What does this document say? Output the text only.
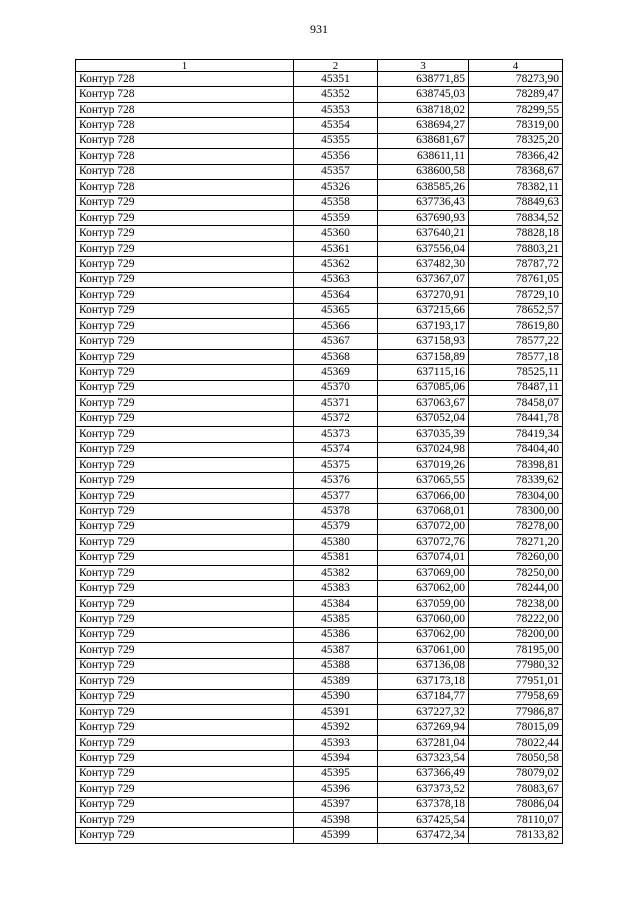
931
1	2	3	4
Контур 728	45351	638771,85	78273,90
Контур 728	45352	638745,03	78289,47
Контур 728	45353	638718,02	78299,55
Контур 728	45354	638694,27	78319,00
Контур 728	45355	638681,67	78325,20
Контур 728	45356	638611,11	78366,42
Контур 728	45357	638600,58	78368,67
Контур 728	45326	638585,26	78382,11
Контур 729	45358	637736,43	78849,63
Контур 729	45359	637690,93	78834,52
Контур 729	45360	637640,21	78828,18
Контур 729	45361	637556,04	78803,21
Контур 729	45362	637482,30	78787,72
Контур 729	45363	637367,07	78761,05
Контур 729	45364	637270,91	78729,10
Контур 729	45365	637215,66	78652,57
Контур 729	45366	637193,17	78619,80
Контур 729	45367	637158,93	78577,22
Контур 729	45368	637158,89	78577,18
Контур 729	45369	637115,16	78525,11
Контур 729	45370	637085,06	78487,11
Контур 729	45371	637063,67	78458,07
Контур 729	45372	637052,04	78441,78
Контур 729	45373	637035,39	78419,34
Контур 729	45374	637024,98	78404,40
Контур 729	45375	637019,26	78398,81
Контур 729	45376	637065,55	78339,62
Контур 729	45377	637066,00	78304,00
Контур 729	45378	637068,01	78300,00
Контур 729	45379	637072,00	78278,00
Контур 729	45380	637072,76	78271,20
Контур 729	45381	637074,01	78260,00
Контур 729	45382	637069,00	78250,00
Контур 729	45383	637062,00	78244,00
Контур 729	45384	637059,00	78238,00
Контур 729	45385	637060,00	78222,00
Контур 729	45386	637062,00	78200,00
Контур 729	45387	637061,00	78195,00
Контур 729	45388	637136,08	77980,32
Контур 729	45389	637173,18	77951,01
Контур 729	45390	637184,77	77958,69
Контур 729	45391	637227,32	77986,87
Контур 729	45392	637269,94	78015,09
Контур 729	45393	637281,04	78022,44
Контур 729	45394	637323,54	78050,58
Контур 729	45395	637366,49	78079,02
Контур 729	45396	637373,52	78083,67
Контур 729	45397	637378,18	78086,04
Контур 729	45398	637425,54	78110,07
Контур 729	45399	637472,34	78133,82
